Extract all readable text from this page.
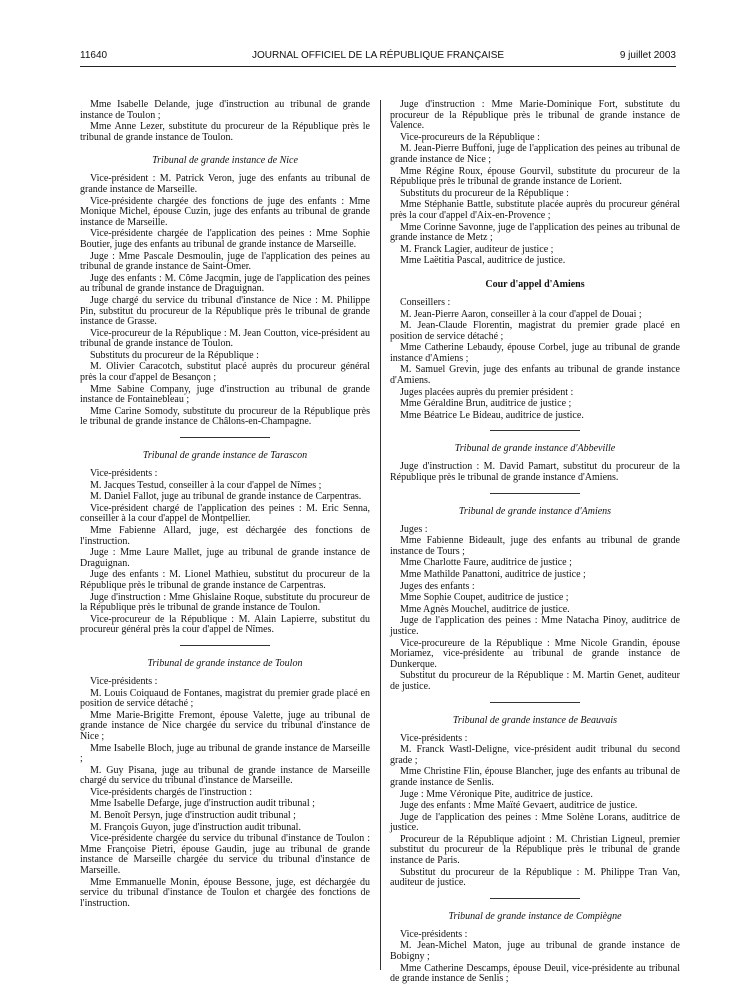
11640	JOURNAL OFFICIEL DE LA RÉPUBLIQUE FRANÇAISE	9 juillet 2003

Mme Isabelle Delande, juge d'instruction au tribunal de grande instance de Toulon ;

Mme Anne Lezer, substitute du procureur de la République près le tribunal de grande instance de Toulon.

Tribunal de grande instance de Nice

Vice-président : M. Patrick Veron, juge des enfants au tribunal de grande instance de Marseille.

Vice-présidente chargée des fonctions de juge des enfants : Mme Monique Michel, épouse Cuzin, juge des enfants au tribunal de grande instance de Marseille.

Vice-présidente chargée de l'application des peines : Mme Sophie Boutier, juge des enfants au tribunal de grande instance de Marseille.

Juge : Mme Pascale Desmoulin, juge de l'application des peines au tribunal de grande instance de Saint-Omer.

Juge des enfants : M. Côme Jacqmin, juge de l'application des peines au tribunal de grande instance de Draguignan.

Juge chargé du service du tribunal d'instance de Nice : M. Philippe Pin, substitut du procureur de la République près le tribunal de grande instance de Grasse.

Vice-procureur de la République : M. Jean Coutton, vice-président au tribunal de grande instance de Toulon.

Substituts du procureur de la République :

M. Olivier Caracotch, substitut placé auprès du procureur général près la cour d'appel de Besançon ;

Mme Sabine Company, juge d'instruction au tribunal de grande instance de Fontainebleau ;

Mme Carine Somody, substitute du procureur de la République près le tribunal de grande instance de Châlons-en-Champagne.

Tribunal de grande instance de Tarascon

Vice-présidents :

M. Jacques Testud, conseiller à la cour d'appel de Nîmes ;

M. Daniel Fallot, juge au tribunal de grande instance de Carpentras.

Vice-président chargé de l'application des peines : M. Eric Senna, conseiller à la cour d'appel de Montpellier.

Mme Fabienne Allard, juge, est déchargée des fonctions de l'instruction.

Juge : Mme Laure Mallet, juge au tribunal de grande instance de Draguignan.

Juge des enfants : M. Lionel Mathieu, substitut du procureur de la République près le tribunal de grande instance de Carpentras.

Juge d'instruction : Mme Ghislaine Roque, substitute du procureur de la République près le tribunal de grande instance de Toulon.

Vice-procureur de la République : M. Alain Lapierre, substitut du procureur général près la cour d'appel de Nîmes.

Tribunal de grande instance de Toulon

Vice-présidents :

M. Louis Coiquaud de Fontanes, magistrat du premier grade placé en position de service détaché ;

Mme Marie-Brigitte Fremont, épouse Valette, juge au tribunal de grande instance de Nice chargée du service du tribunal d'instance de Nice ;

Mme Isabelle Bloch, juge au tribunal de grande instance de Marseille ;

M. Guy Pisana, juge au tribunal de grande instance de Marseille chargé du service du tribunal d'instance de Marseille.

Vice-présidents chargés de l'instruction :

Mme Isabelle Defarge, juge d'instruction audit tribunal ;

M. Benoît Persyn, juge d'instruction audit tribunal ;

M. François Guyon, juge d'instruction audit tribunal.

Vice-présidente chargée du service du tribunal d'instance de Toulon : Mme Françoise Pietri, épouse Gaudin, juge au tribunal de grande instance de Marseille chargée du service du tribunal d'instance de Marseille.

Mme Emmanuelle Monin, épouse Bessone, juge, est déchargée du service du tribunal d'instance de Toulon et chargée des fonctions de l'instruction.

Juge d'instruction : Mme Marie-Dominique Fort, substitute du procureur de la République près le tribunal de grande instance de Valence.

Vice-procureurs de la République :

M. Jean-Pierre Buffoni, juge de l'application des peines au tribunal de grande instance de Nice ;

Mme Régine Roux, épouse Gourvil, substitute du procureur de la République près le tribunal de grande instance de Lorient.

Substituts du procureur de la République :

Mme Stéphanie Battle, substitute placée auprès du procureur général près la cour d'appel d'Aix-en-Provence ;

Mme Corinne Savonne, juge de l'application des peines au tribunal de grande instance de Metz ;

M. Franck Lagier, auditeur de justice ;

Mme Laëtitia Pascal, auditrice de justice.

Cour d'appel d'Amiens

Conseillers :

M. Jean-Pierre Aaron, conseiller à la cour d'appel de Douai ;

M. Jean-Claude Florentin, magistrat du premier grade placé en position de service détaché ;

Mme Catherine Lebaudy, épouse Corbel, juge au tribunal de grande instance d'Amiens ;

M. Samuel Grevin, juge des enfants au tribunal de grande instance d'Amiens.

Juges placées auprès du premier président :

Mme Géraldine Brun, auditrice de justice ;

Mme Béatrice Le Bideau, auditrice de justice.

Tribunal de grande instance d'Abbeville

Juge d'instruction : M. David Pamart, substitut du procureur de la République près le tribunal de grande instance d'Amiens.

Tribunal de grande instance d'Amiens

Juges :

Mme Fabienne Bideault, juge des enfants au tribunal de grande instance de Tours ;

Mme Charlotte Faure, auditrice de justice ;

Mme Mathilde Panattoni, auditrice de justice ;

Juges des enfants :

Mme Sophie Coupet, auditrice de justice ;

Mme Agnès Mouchel, auditrice de justice.

Juge de l'application des peines : Mme Natacha Pinoy, auditrice de justice.

Vice-procureure de la République : Mme Nicole Grandin, épouse Moriamez, vice-présidente au tribunal de grande instance de Dunkerque.

Substitut du procureur de la République : M. Martin Genet, auditeur de justice.

Tribunal de grande instance de Beauvais

Vice-présidents :

M. Franck Wastl-Deligne, vice-président audit tribunal du second grade ;

Mme Christine Flin, épouse Blancher, juge des enfants au tribunal de grande instance de Senlis.

Juge : Mme Véronique Pite, auditrice de justice.

Juge des enfants : Mme Maïté Gevaert, auditrice de justice.

Juge de l'application des peines : Mme Solène Lorans, auditrice de justice.

Procureur de la République adjoint : M. Christian Ligneul, premier substitut du procureur de la République près le tribunal de grande instance de Paris.

Substitut du procureur de la République : M. Philippe Tran Van, auditeur de justice.

Tribunal de grande instance de Compiègne

Vice-présidents :

M. Jean-Michel Maton, juge au tribunal de grande instance de Bobigny ;

Mme Catherine Descamps, épouse Deuil, vice-présidente au tribunal de grande instance de Senlis ;
